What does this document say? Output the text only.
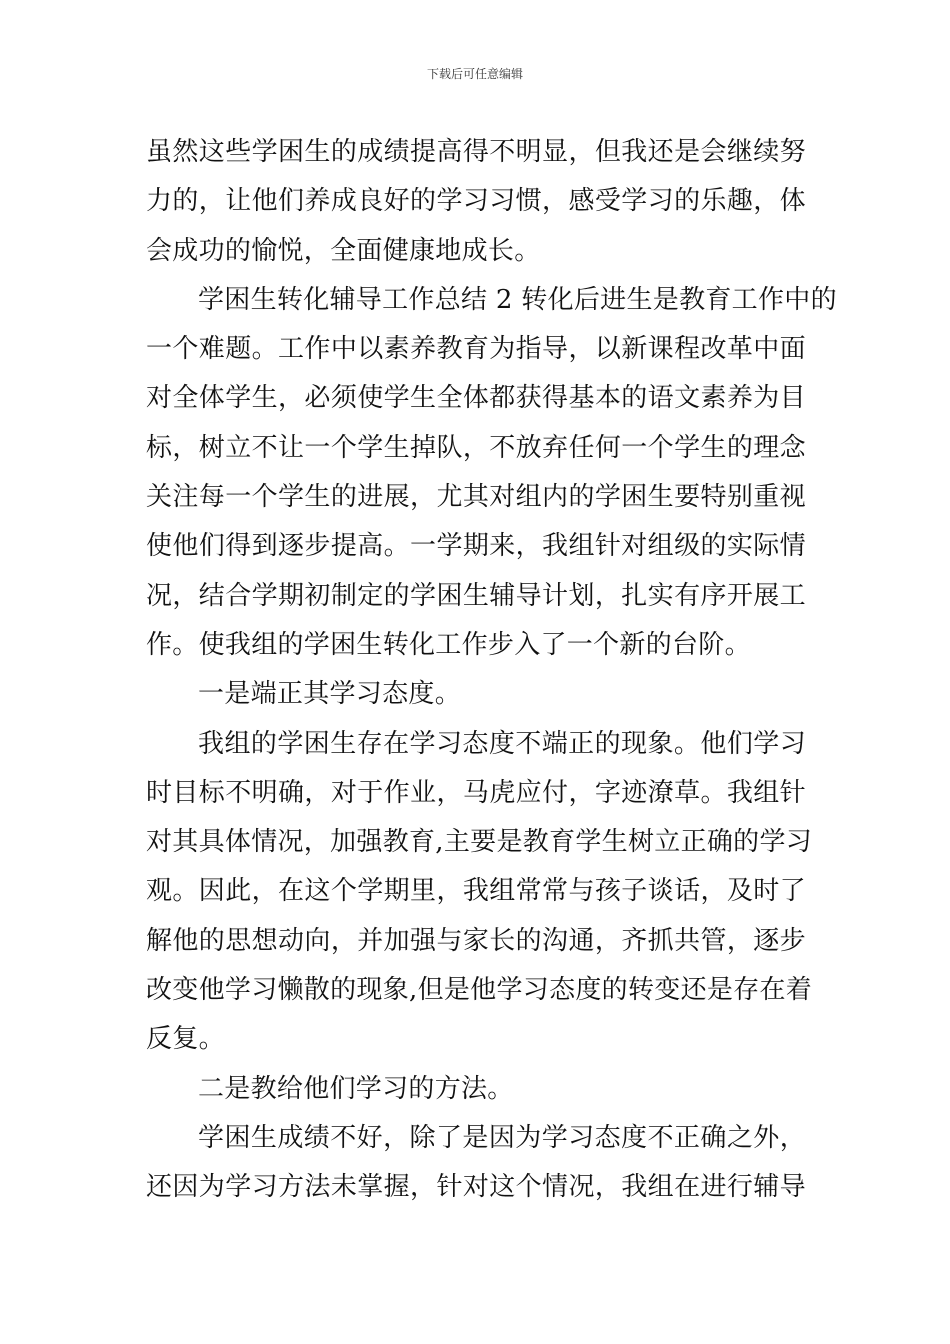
下载后可任意编辑
虽然这些学困生的成绩提高得不明显，但我还是会继续努
力的，让他们养成良好的学习习惯，感受学习的乐趣，体
会成功的愉悦，全面健康地成长。
学困生转化辅导工作总结 2 转化后进生是教育工作中的
一个难题。工作中以素养教育为指导，以新课程改革中面
对全体学生，必须使学生全体都获得基本的语文素养为目
标，树立不让一个学生掉队，不放弃任何一个学生的理念
关注每一个学生的进展，尤其对组内的学困生要特别重视
使他们得到逐步提高。一学期来，我组针对组级的实际情
况，结合学期初制定的学困生辅导计划，扎实有序开展工
作。使我组的学困生转化工作步入了一个新的台阶。
一是端正其学习态度。
我组的学困生存在学习态度不端正的现象。他们学习
时目标不明确，对于作业，马虎应付，字迹潦草。我组针
对其具体情况，加强教育,主要是教育学生树立正确的学习
观。因此，在这个学期里，我组常常与孩子谈话，及时了
解他的思想动向，并加强与家长的沟通，齐抓共管，逐步
改变他学习懒散的现象,但是他学习态度的转变还是存在着
反复。
二是教给他们学习的方法。
学困生成绩不好，除了是因为学习态度不正确之外，
还因为学习方法未掌握，针对这个情况，我组在进行辅导
